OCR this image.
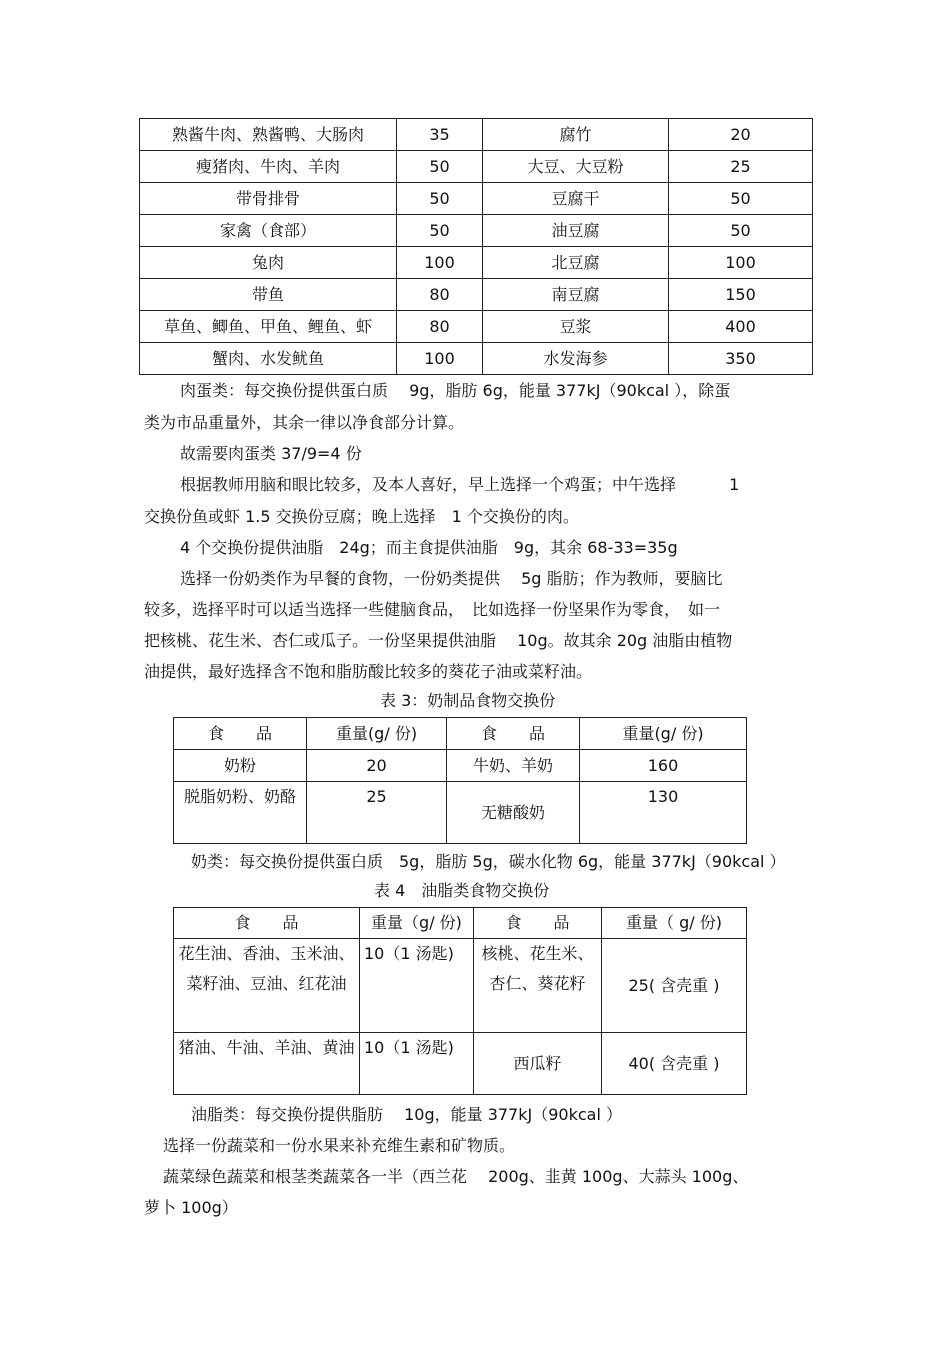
熟酱牛肉、熟酱鸭、大肠肉	35	腐竹	20
瘦猪肉、牛肉、羊肉	50	大豆、大豆粉	25
带骨排骨	50	豆腐干	50
家禽（食部）	50	油豆腐	50
兔肉	100	北豆腐	100
带鱼	80	南豆腐	150
草鱼、鲫鱼、甲鱼、鲤鱼、虾	80	豆浆	400
蟹肉、水发鱿鱼	100	水发海参	350
肉蛋类：每交换份提供蛋白质　 9g，脂肪 6g，能量 377kJ（90kcal ），除蛋
类为市品重量外，其余一律以净食部分计算。
故需要肉蛋类 37/9=4 份
根据教师用脑和眼比较多，及本人喜好，早上选择一个鸡蛋；中午选择　　　 1
交换份鱼或虾 1.5 交换份豆腐；晚上选择　1 个交换份的肉。
4 个交换份提供油脂　24g；而主食提供油脂　9g，其余 68-33=35g
选择一份奶类作为早餐的食物，一份奶类提供　 5g 脂肪；作为教师，要脑比
较多，选择平时可以适当选择一些健脑食品，　比如选择一份坚果作为零食，　如一
把核桃、花生米、杏仁或瓜子。一份坚果提供油脂　 10g。故其余 20g 油脂由植物
油提供，最好选择含不饱和脂肪酸比较多的葵花子油或菜籽油。
表 3：奶制品食物交换份
食　　品	重量(g/ 份)	食　　品	重量(g/ 份)
奶粉	20	牛奶、羊奶	160
脱脂奶粉、奶酪	25	无糖酸奶	130
奶类：每交换份提供蛋白质　5g，脂肪 5g，碳水化物 6g，能量 377kJ（90kcal ）
表 4　油脂类食物交换份
食　　品	重量（g/ 份)	食　　品	重量（ g/ 份)
花生油、香油、玉米油、菜籽油、豆油、红花油	10（1 汤匙)	核桃、花生米、杏仁、葵花籽	25( 含壳重 )
猪油、牛油、羊油、黄油	10（1 汤匙)	西瓜籽	40( 含壳重 )
油脂类：每交换份提供脂肪　 10g，能量 377kJ（90kcal ）
选择一份蔬菜和一份水果来补充维生素和矿物质。
蔬菜绿色蔬菜和根茎类蔬菜各一半（西兰花　 200g、韭黄 100g、大蒜头 100g、
萝卜 100g）
